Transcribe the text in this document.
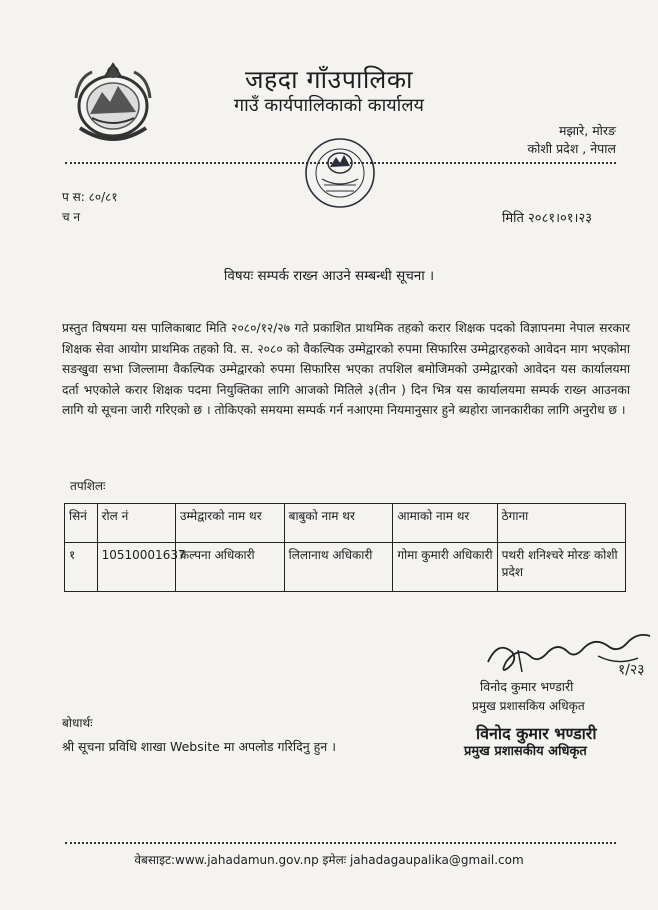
जहदा गाँउपालिका
गाउँ कार्यपालिकाको कार्यालय
मझारे, मोरङ
कोशी प्रदेश , नेपाल
प स: ८०/८१
च न	मिति २०८१।०१।२३
विषयः सम्पर्क राख्न आउने सम्बन्धी सूचना ।
प्रस्तुत विषयमा यस पालिकाबाट मिति २०८०/१२/२७ गते प्रकाशित प्राथमिक तहको करार शिक्षक पदको विज्ञापनमा नेपाल सरकार शिक्षक सेवा आयोग प्राथमिक तहको वि. स. २०८० को वैकल्पिक उम्मेद्वारको रुपमा सिफारिस उम्मेद्वारहरुको आवेदन माग भएकोमा सङखुवा सभा जिल्लामा वैकल्पिक उम्मेद्वारको रुपमा सिफारिस भएका तपशिल बमोजिमको उम्मेद्वारको आवेदन यस कार्यालयमा दर्ता भएकोले करार शिक्षक पदमा नियुक्तिका लागि आजको मितिले ३(तीन ) दिन भित्र यस कार्यालयमा सम्पर्क राख्न आउनका लागि यो सूचना जारी गरिएको छ । तोकिएको समयमा सम्पर्क गर्न नआएमा नियमानुसार हुने ब्यहोरा जानकारीका लागि अनुरोध छ ।
तपशिलः
सिनं	रोल नं	उम्मेद्वारको नाम थर	बाबुको नाम थर	आमाको नाम थर	ठेगाना
१	10510001637	कल्पना अधिकारी	लिलानाथ अधिकारी	गोमा कुमारी अधिकारी	पथरी शनिश्चरे मोरङ कोशी प्रदेश
१/२३
विनोद कुमार भण्डारी
प्रमुख प्रशासकिय अधिकृत
विनोद कुमार भण्डारी
प्रमुख प्रशासकीय अधिकृत
बोधार्थः
श्री सूचना प्रविधि शाखा Website मा अपलोड गरिदिनु हुन ।
वेबसाइट:www.jahadamun.gov.np इमेलः jahadagaupalika@gmail.com
